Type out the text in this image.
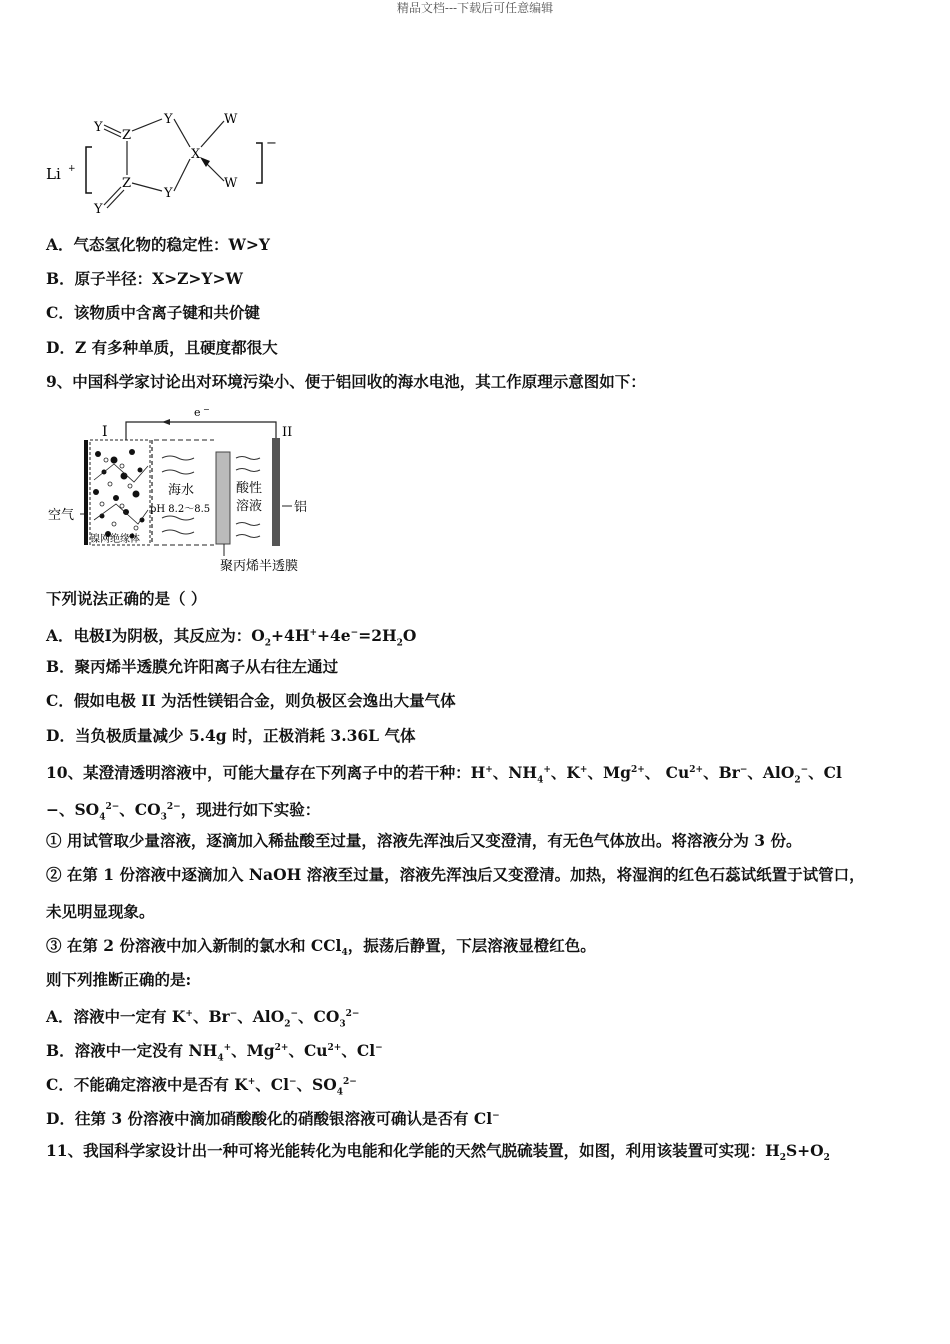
精品文档---下载后可任意编辑
Li +
−
Y
Z
Y
X
W
Z
Y
W
Y
A．气态氢化物的稳定性：W>Y
B．原子半径：X>Z>Y>W
C．该物质中含离子键和共价键
D．Z 有多种单质，且硬度都很大
9、中国科学家讨论出对环境污染小、便于铝回收的海水电池，其工作原理示意图如下：
e −
I	II
海水
pH 8.2～8.5
酸性
溶液 铝
空气
镍网绝缘体
聚丙烯半透膜
下列说法正确的是（ ）
A．电极Ⅰ为阴极，其反应为：$O_2+4H^++4e^-=2H_2O$
B．聚丙烯半透膜允许阳离子从右往左通过
C．假如电极 II 为活性镁铝合金，则负极区会逸出大量气体
D．当负极质量减少 5.4g 时，正极消耗 3.36L 气体
10、某澄清透明溶液中，可能大量存在下列离子中的若干种：H+、$NH_4^+$、K+、$Mg^{2+}$、 $Cu^{2+}$、Br−、AlO$_2$−、Cl
−、$SO_4^{2-}$、$CO_3^{2-}$，现进行如下实验：
① 用试管取少量溶液，逐滴加入稀盐酸至过量，溶液先浑浊后又变澄清，有无色气体放出。将溶液分为 3 份。
② 在第 1 份溶液中逐滴加入 NaOH 溶液至过量，溶液先浑浊后又变澄清。加热，将湿润的红色石蕊试纸置于试管口，
未见明显现象。
③ 在第 2 份溶液中加入新制的氯水和 CCl$_4$，振荡后静置，下层溶液显橙红色。
则下列推断正确的是:
A．溶液中一定有 K+、Br−、AlO$_2$−、$CO_3^{2-}$
B．溶液中一定没有 $NH_4^+$、$Mg^{2+}$、$Cu^{2+}$、Cl−
C．不能确定溶液中是否有 K+、Cl−、$SO_4^{2-}$
D．往第 3 份溶液中滴加硝酸酸化的硝酸银溶液可确认是否有 Cl−
11、我国科学家设计出一种可将光能转化为电能和化学能的天然气脱硫装置，如图，利用该装置可实现：$H_2S+O_2$
